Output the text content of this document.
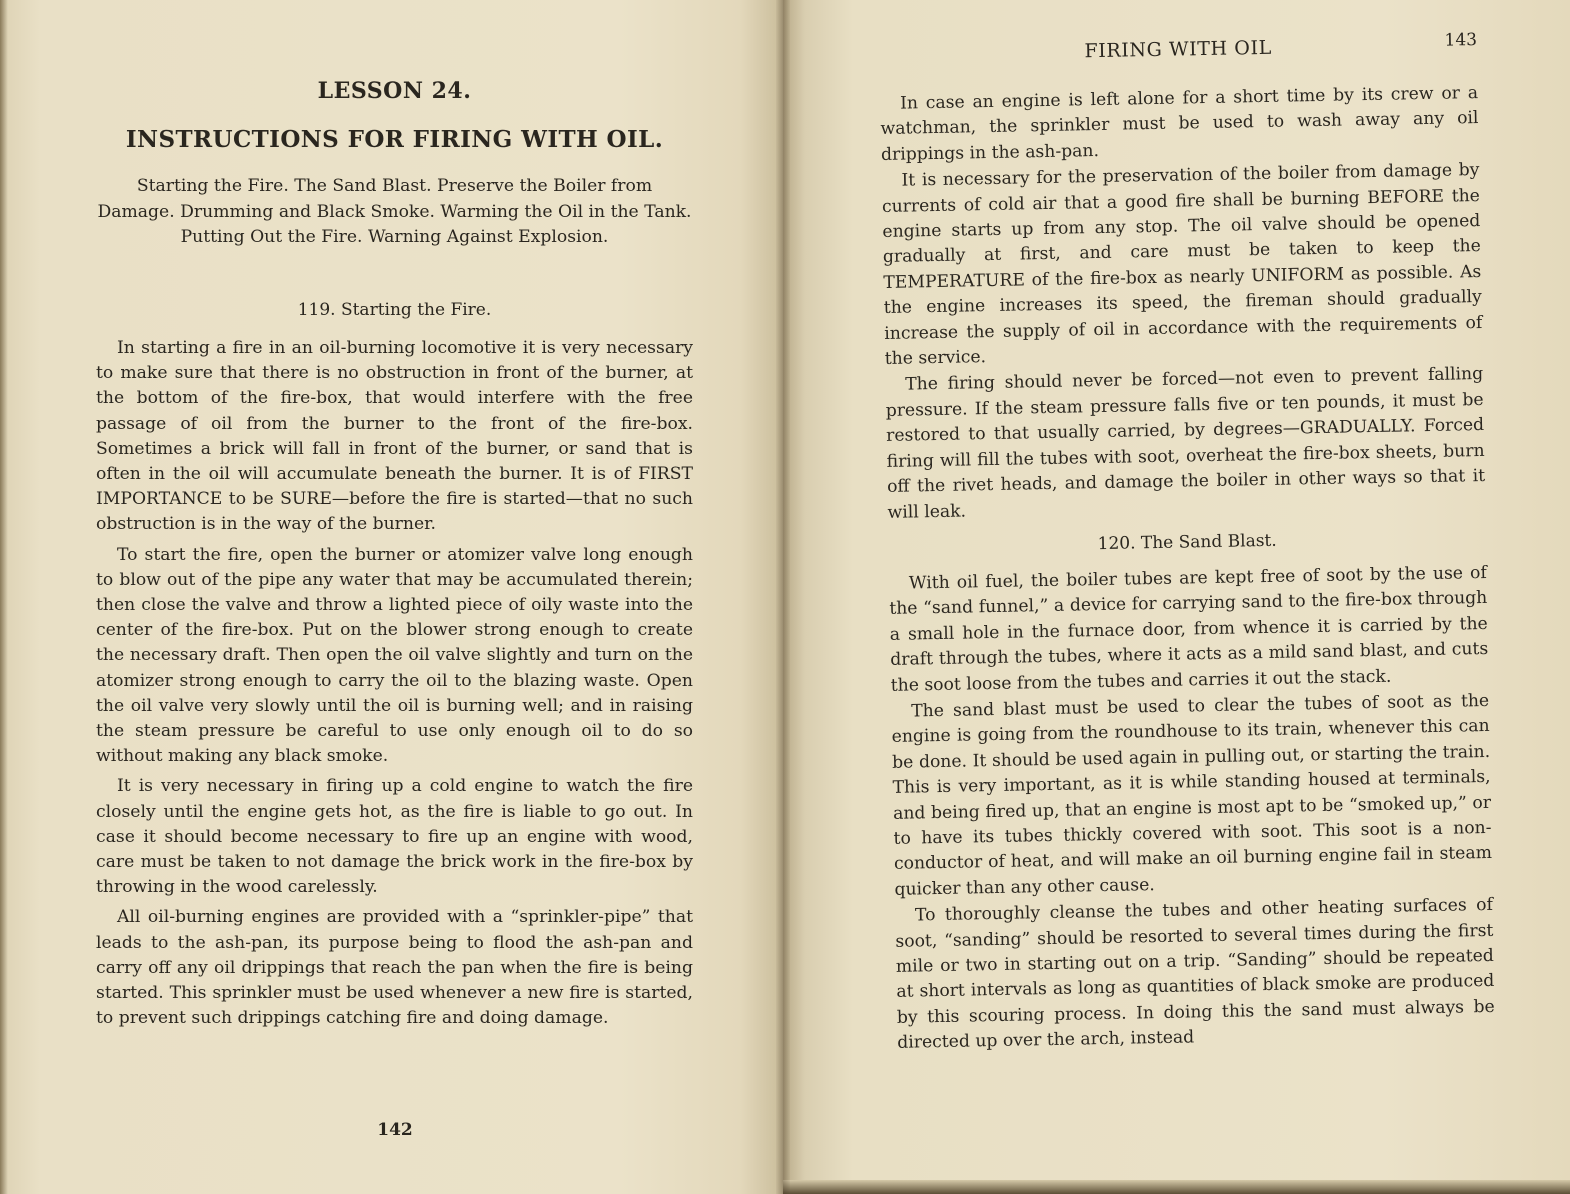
LESSON 24.
INSTRUCTIONS FOR FIRING WITH OIL.

Starting the Fire. The Sand Blast. Preserve the Boiler from Damage. Drumming and Black Smoke. Warming the Oil in the Tank. Putting Out the Fire. Warning Against Explosion.

119. Starting the Fire.

In starting a fire in an oil-burning locomotive it is very necessary to make sure that there is no obstruction in front of the burner, at the bottom of the fire-box, that would interfere with the free passage of oil from the burner to the front of the fire-box. Sometimes a brick will fall in front of the burner, or sand that is often in the oil will accumulate beneath the burner. It is of FIRST IMPORTANCE to be SURE—before the fire is started—that no such obstruction is in the way of the burner.

To start the fire, open the burner or atomizer valve long enough to blow out of the pipe any water that may be accumulated therein; then close the valve and throw a lighted piece of oily waste into the center of the fire-box. Put on the blower strong enough to create the necessary draft. Then open the oil valve slightly and turn on the atomizer strong enough to carry the oil to the blazing waste. Open the oil valve very slowly until the oil is burning well; and in raising the steam pressure be careful to use only enough oil to do so without making any black smoke.

It is very necessary in firing up a cold engine to watch the fire closely until the engine gets hot, as the fire is liable to go out. In case it should become necessary to fire up an engine with wood, care must be taken to not damage the brick work in the fire-box by throwing in the wood carelessly.

All oil-burning engines are provided with a “sprinkler-pipe” that leads to the ash-pan, its purpose being to flood the ash-pan and carry off any oil drippings that reach the pan when the fire is being started. This sprinkler must be used whenever a new fire is started, to prevent such drippings catching fire and doing damage.

142

FIRING WITH OIL	143

In case an engine is left alone for a short time by its crew or a watchman, the sprinkler must be used to wash away any oil drippings in the ash-pan.

It is necessary for the preservation of the boiler from damage by currents of cold air that a good fire shall be burning BEFORE the engine starts up from any stop. The oil valve should be opened gradually at first, and care must be taken to keep the TEMPERATURE of the fire-box as nearly UNIFORM as possible. As the engine increases its speed, the fireman should gradually increase the supply of oil in accordance with the requirements of the service.

The firing should never be forced—not even to prevent falling pressure. If the steam pressure falls five or ten pounds, it must be restored to that usually carried, by degrees—GRADUALLY. Forced firing will fill the tubes with soot, overheat the fire-box sheets, burn off the rivet heads, and damage the boiler in other ways so that it will leak.

120. The Sand Blast.

With oil fuel, the boiler tubes are kept free of soot by the use of the “sand funnel,” a device for carrying sand to the fire-box through a small hole in the furnace door, from whence it is carried by the draft through the tubes, where it acts as a mild sand blast, and cuts the soot loose from the tubes and carries it out the stack.

The sand blast must be used to clear the tubes of soot as the engine is going from the roundhouse to its train, whenever this can be done. It should be used again in pulling out, or starting the train. This is very important, as it is while standing housed at terminals, and being fired up, that an engine is most apt to be “smoked up,” or to have its tubes thickly covered with soot. This soot is a non-conductor of heat, and will make an oil burning engine fail in steam quicker than any other cause.

To thoroughly cleanse the tubes and other heating surfaces of soot, “sanding” should be resorted to several times during the first mile or two in starting out on a trip. “Sanding” should be repeated at short intervals as long as quantities of black smoke are produced by this scouring process. In doing this the sand must always be directed up over the arch, instead
